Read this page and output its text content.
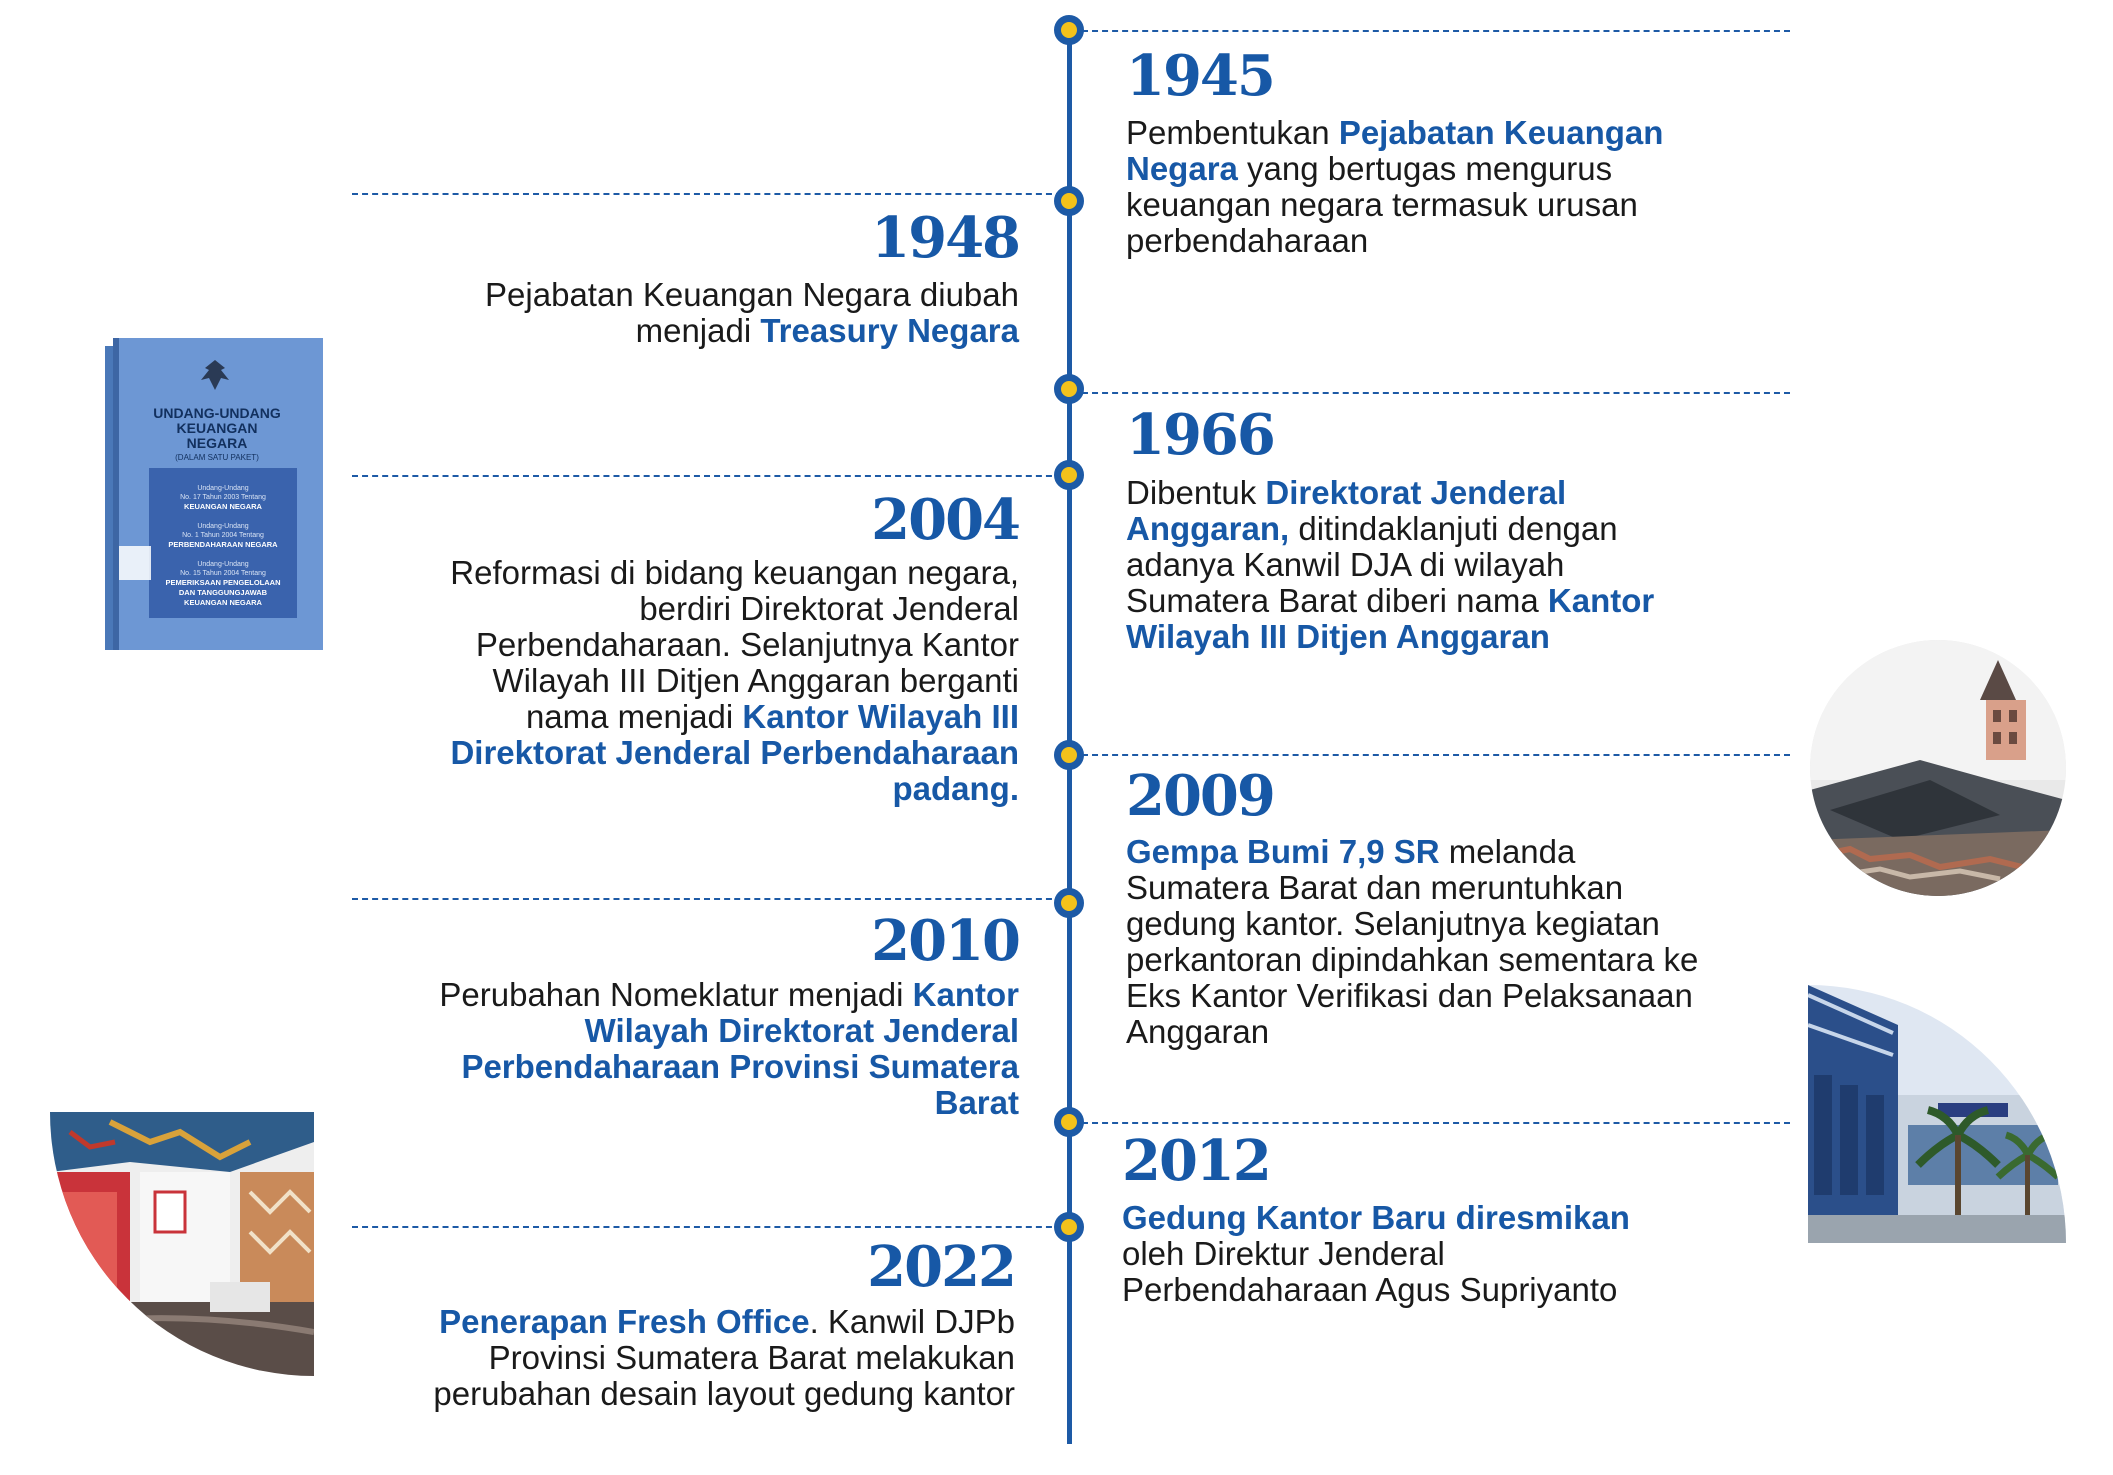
1945
Pembentukan Pejabatan Keuangan Negara yang bertugas mengurus keuangan negara termasuk urusan perbendaharaan
1948
Pejabatan Keuangan Negara diubah menjadi Treasury Negara
1966
Dibentuk Direktorat Jenderal Anggaran, ditindaklanjuti dengan adanya Kanwil DJA di wilayah Sumatera Barat diberi nama Kantor Wilayah III Ditjen Anggaran
2004
Reformasi di bidang keuangan negara, berdiri Direktorat Jenderal Perbendaharaan. Selanjutnya Kantor Wilayah III Ditjen Anggaran berganti nama menjadi Kantor Wilayah III Direktorat Jenderal Perbendaharaan padang. 2009
Gempa Bumi 7,9 SR melanda Sumatera Barat dan meruntuhkan gedung kantor. Selanjutnya kegiatan perkantoran dipindahkan sementara ke Eks Kantor Verifikasi dan Pelaksanaan Anggaran
2010
Perubahan Nomeklatur menjadi Kantor Wilayah Direktorat Jenderal Perbendaharaan Provinsi Sumatera Barat
2012
Gedung Kantor Baru diresmikan oleh Direktur Jenderal Perbendaharaan Agus Supriyanto
2022
Penerapan Fresh Office. Kanwil DJPb Provinsi Sumatera Barat melakukan perubahan desain layout gedung kantor
UNDANG-UNDANG
KEUANGAN
NEGARA
(DALAM SATU PAKET)
Undang-Undang
No. 17 Tahun 2003 Tentang
KEUANGAN NEGARA
Undang-Undang
No. 1 Tahun 2004 Tentang
PERBENDAHARAAN NEGARA
Undang-Undang
No. 15 Tahun 2004 Tentang
PEMERIKSAAN PENGELOLAAN
DAN TANGGUNGJAWAB
KEUANGAN NEGARA
